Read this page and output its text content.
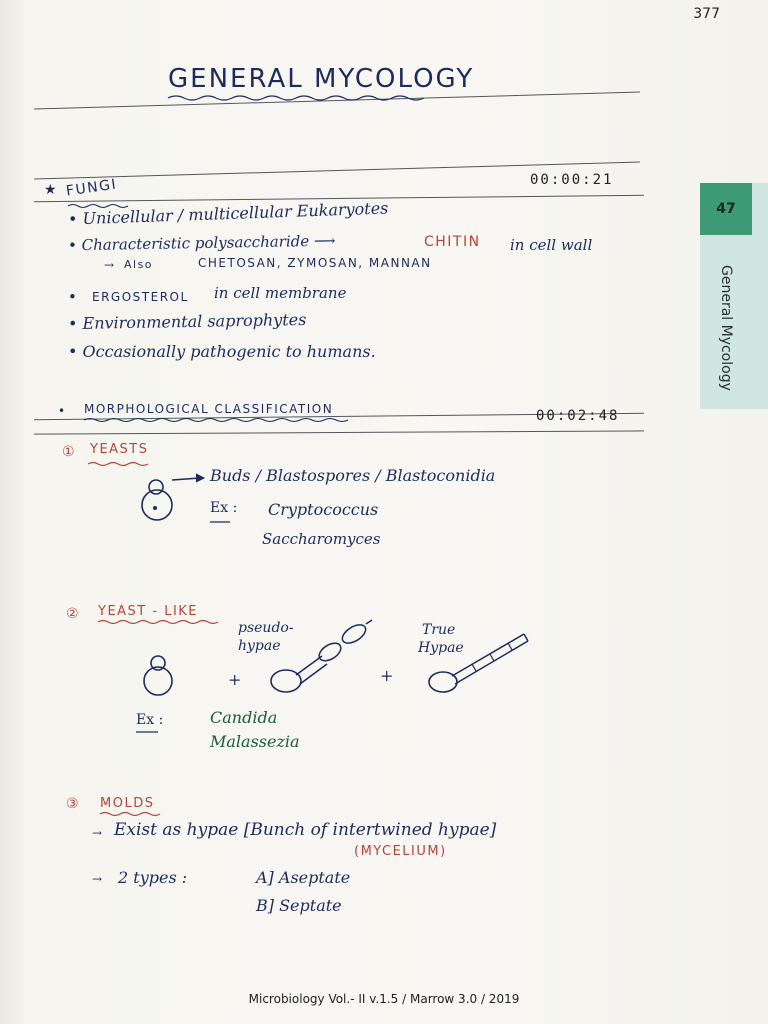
377
GENERAL MYCOLOGY
★ FUNGI	00:00:21
• Unicellular / multicellular Eukaryotes
• Characteristic polysaccharide ⟶	CHITIN in cell wall
→ Also	CHETOSAN, ZYMOSAN, MANNAN
• ERGOSTEROL in cell membrane
• Environmental saprophytes
• Occasionally pathogenic to humans.
• MORPHOLOGICAL CLASSIFICATION	00:02:48
① YEASTS
Buds / Blastospores / Blastoconidia
Ex : Cryptococcus
Saccharomyces
② YEAST - LIKE
pseudo-
hypae
True
Hypae
+	+
Ex :	Candida
Malassezia
③ MOLDS
→ Exist as hypae [Bunch of intertwined hypae]
(MYCELIUM)
→ 2 types :	A] Aseptate
B] Septate
47
General Mycology
Microbiology Vol.- II v.1.5 / Marrow 3.0 / 2019
